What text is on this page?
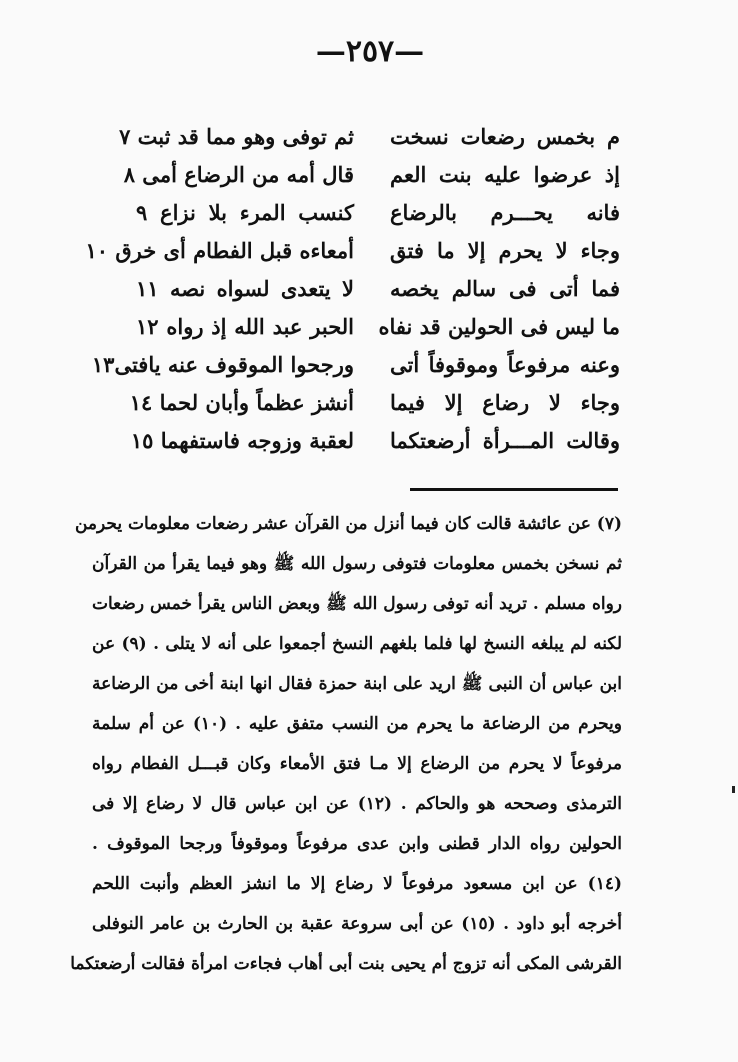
—٢٥٧—
م بخمس رضعات نسخت
ثم توفى وهو مما قد ثبت ٧
إذ عرضوا عليه بنت العم
قال أمه من الرضاع أمى ٨
فانه يحـــرم بالرضاع
كنسب المرء بلا نزاع ٩
وجاء لا يحرم إلا ما فتق
أمعاءه قبل الفطام أى خرق ١٠
فما أتى فى سالم يخصه
لا يتعدى لسواه نصه ١١
ما ليس فى الحولين قد نفاه
الحبر عبد الله إذ رواه ١٢
وعنه مرفوعاً وموقوفاً أتى
ورجحوا الموقوف عنه يافتى١٣
وجاء لا رضاع إلا فيما
أنشز عظماً وأبان لحما ١٤
وقالت المـــرأة أرضعتكما
لعقبة وزوجه فاستفهما ١٥
(٧) عن عائشة قالت كان فيما أنزل من القرآن عشر رضعات معلومات يحرمن
ثم نسخن بخمس معلومات فتوفى رسول الله ﷺ وهو فيما يقرأ من القرآن
رواه مسلم . تريد أنه توفى رسول الله ﷺ وبعض الناس يقرأ خمس رضعات
لكنه لم يبلغه النسخ لها فلما بلغهم النسخ أجمعوا على أنه لا يتلى . (٩) عن
ابن عباس أن النبى ﷺ اريد على ابنة حمزة فقال انها ابنة أخى من الرضاعة
ويحرم من الرضاعة ما يحرم من النسب متفق عليه . (١٠) عن أم سلمة
مرفوعاً لا يحرم من الرضاع إلا مـا فتق الأمعاء وكان قبـــل الفطام رواه
الترمذى وصححه هو والحاكم . (١٢) عن ابن عباس قال لا رضاع إلا فى
الحولين رواه الدار قطنى وابن عدى مرفوعاً وموقوفاً ورجحا الموقوف .
(١٤) عن ابن مسعود مرفوعاً لا رضاع إلا ما انشز العظم وأنبت اللحم
أخرجه أبو داود . (١٥) عن أبى سروعة عقبة بن الحارث بن عامر النوفلى
القرشى المكى أنه تزوج أم يحيى بنت أبى أهاب فجاءت امرأة فقالت أرضعتكما
